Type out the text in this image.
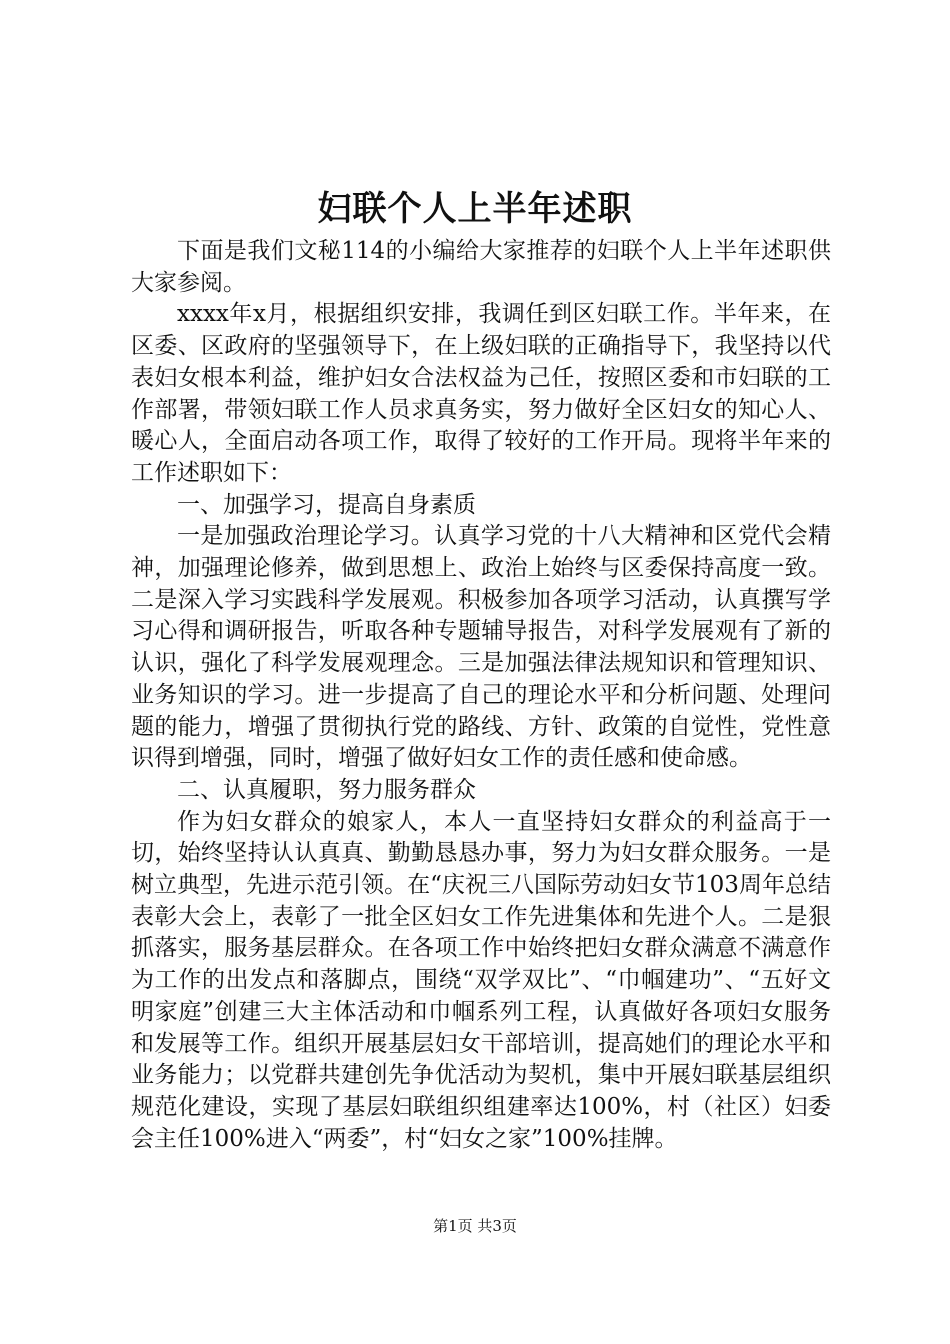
妇联个人上半年述职

下面是我们文秘114的小编给大家推荐的妇联个人上半年述职供大家参阅。

xxxx年x月，根据组织安排，我调任到区妇联工作。半年来，在区委、区政府的坚强领导下，在上级妇联的正确指导下，我坚持以代表妇女根本利益，维护妇女合法权益为己任，按照区委和市妇联的工作部署，带领妇联工作人员求真务实，努力做好全区妇女的知心人、暖心人，全面启动各项工作，取得了较好的工作开局。现将半年来的工作述职如下：

一、加强学习，提高自身素质

一是加强政治理论学习。认真学习党的十八大精神和区党代会精神，加强理论修养，做到思想上、政治上始终与区委保持高度一致。二是深入学习实践科学发展观。积极参加各项学习活动，认真撰写学习心得和调研报告，听取各种专题辅导报告，对科学发展观有了新的认识，强化了科学发展观理念。三是加强法律法规知识和管理知识、业务知识的学习。进一步提高了自己的理论水平和分析问题、处理问题的能力，增强了贯彻执行党的路线、方针、政策的自觉性，党性意识得到增强，同时，增强了做好妇女工作的责任感和使命感。

二、认真履职，努力服务群众

作为妇女群众的娘家人，本人一直坚持妇女群众的利益高于一切，始终坚持认认真真、勤勤恳恳办事，努力为妇女群众服务。一是树立典型，先进示范引领。在“庆祝三八国际劳动妇女节103周年总结表彰大会上，表彰了一批全区妇女工作先进集体和先进个人。二是狠抓落实，服务基层群众。在各项工作中始终把妇女群众满意不满意作为工作的出发点和落脚点，围绕“双学双比”、“巾帼建功”、“五好文明家庭”创建三大主体活动和巾帼系列工程，认真做好各项妇女服务和发展等工作。组织开展基层妇女干部培训，提高她们的理论水平和业务能力；以党群共建创先争优活动为契机，集中开展妇联基层组织规范化建设，实现了基层妇联组织组建率达100%，村（社区）妇委会主任100%进入“两委”，村“妇女之家”100%挂牌。

第1页 共3页
